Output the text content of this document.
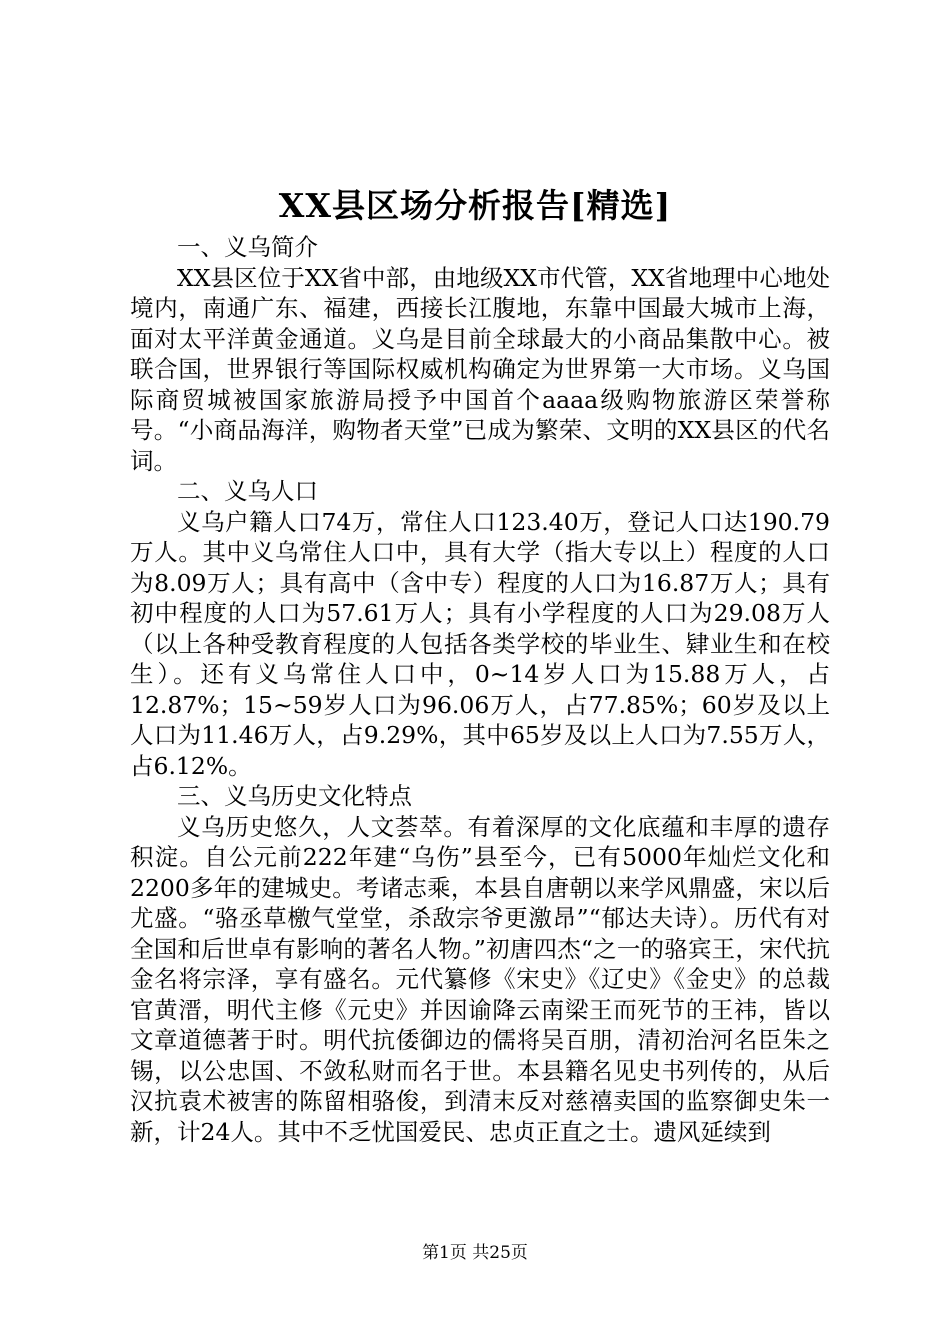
XX县区场分析报告[精选]

一、义乌简介

XX县区位于XX省中部，由地级XX市代管，XX省地理中心地处境内，南通广东、福建，西接长江腹地，东靠中国最大城市上海，面对太平洋黄金通道。义乌是目前全球最大的小商品集散中心。被联合国，世界银行等国际权威机构确定为世界第一大市场。义乌国际商贸城被国家旅游局授予中国首个aaaa级购物旅游区荣誉称号。“小商品海洋，购物者天堂”已成为繁荣、文明的XX县区的代名词。

二、义乌人口

义乌户籍人口74万，常住人口123.40万，登记人口达190.79万人。其中义乌常住人口中，具有大学（指大专以上）程度的人口为8.09万人；具有高中（含中专）程度的人口为16.87万人；具有初中程度的人口为57.61万人；具有小学程度的人口为29.08万人（以上各种受教育程度的人包括各类学校的毕业生、肄业生和在校生）。还有义乌常住人口中，0~14岁人口为15.88万人，占12.87%；15~59岁人口为96.06万人，占77.85%；60岁及以上人口为11.46万人，占9.29%，其中65岁及以上人口为7.55万人，占6.12%。

三、义乌历史文化特点

义乌历史悠久，人文荟萃。有着深厚的文化底蕴和丰厚的遗存积淀。自公元前222年建“乌伤”县至今，已有5000年灿烂文化和2200多年的建城史。考诸志乘，本县自唐朝以来学风鼎盛，宋以后尤盛。“骆丞草檄气堂堂，杀敌宗爷更激昂”“郁达夫诗）。历代有对全国和后世卓有影响的著名人物。”初唐四杰“之一的骆宾王，宋代抗金名将宗泽，享有盛名。元代纂修《宋史》《辽史》《金史》的总裁官黄溍，明代主修《元史》并因谕降云南梁王而死节的王祎，皆以文章道德著于时。明代抗倭御边的儒将吴百朋，清初治河名臣朱之锡，以公忠国、不敛私财而名于世。本县籍名见史书列传的，从后汉抗袁术被害的陈留相骆俊，到清末反对慈禧卖国的监察御史朱一新，计24人。其中不乏忧国爱民、忠贞正直之士。遗风延续到

第1页 共25页
